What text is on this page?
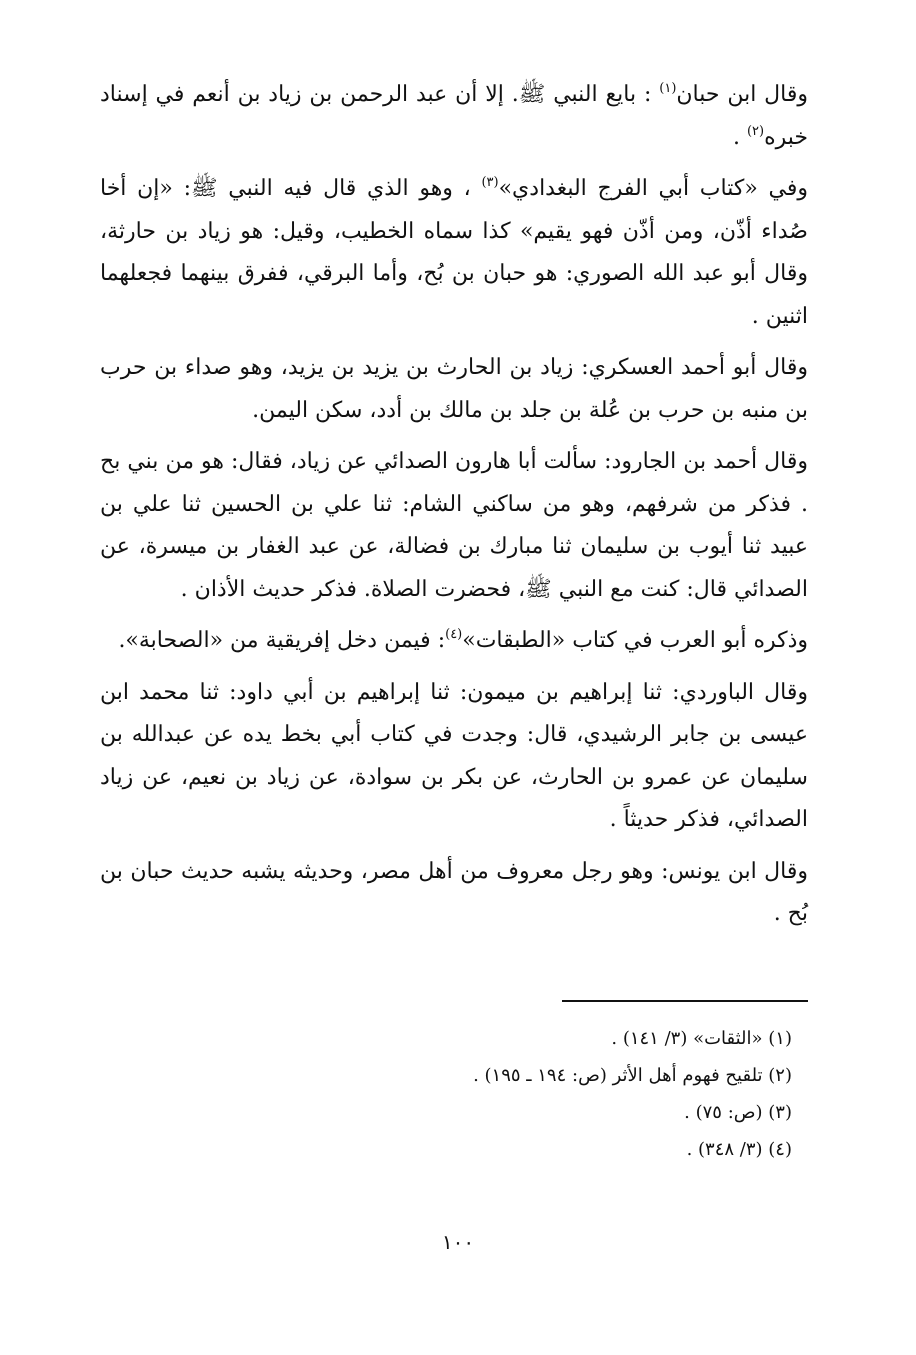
وقال ابن حبان$^{(١)}$ : بايع النبي ﷺ. إلا أن عبد الرحمن بن زياد بن أنعم في إسناد خبره$^{(٢)}$ .

وفي «كتاب أبي الفرج البغدادي»$^{(٣)}$ ، وهو الذي قال فيه النبي ﷺ: «إن أخا صُداء أذّن، ومن أذّن فهو يقيم» كذا سماه الخطيب، وقيل: هو زياد بن حارثة، وقال أبو عبد الله الصوري: هو حبان بن بُح، وأما البرقي، ففرق بينهما فجعلهما اثنين .

وقال أبو أحمد العسكري: زياد بن الحارث بن يزيد بن يزيد، وهو صداء بن حرب بن منبه بن حرب بن عُلة بن جلد بن مالك بن أدد، سكن اليمن.

وقال أحمد بن الجارود: سألت أبا هارون الصدائي عن زياد، فقال: هو من بني بح . فذكر من شرفهم، وهو من ساكني الشام: ثنا علي بن الحسين ثنا علي بن عبيد ثنا أيوب بن سليمان ثنا مبارك بن فضالة، عن عبد الغفار بن ميسرة، عن الصدائي قال: كنت مع النبي ﷺ، فحضرت الصلاة. فذكر حديث الأذان .

وذكره أبو العرب في كتاب «الطبقات»$^{(٤)}$: فيمن دخل إفريقية من «الصحابة».

وقال الباوردي: ثنا إبراهيم بن ميمون: ثنا إبراهيم بن أبي داود: ثنا محمد ابن عيسى بن جابر الرشيدي، قال: وجدت في كتاب أبي بخط يده عن عبدالله بن سليمان عن عمرو بن الحارث، عن بكر بن سوادة، عن زياد بن نعيم، عن زياد الصدائي، فذكر حديثاً .

وقال ابن يونس: وهو رجل معروف من أهل مصر، وحديثه يشبه حديث حبان بن بُح .

(١) «الثقات» (٣/ ١٤١) .

(٢) تلقيح فهوم أهل الأثر (ص: ١٩٤ ـ ١٩٥) .

(٣) (ص: ٧٥) .

(٤) (٣/ ٣٤٨) .

١٠٠
